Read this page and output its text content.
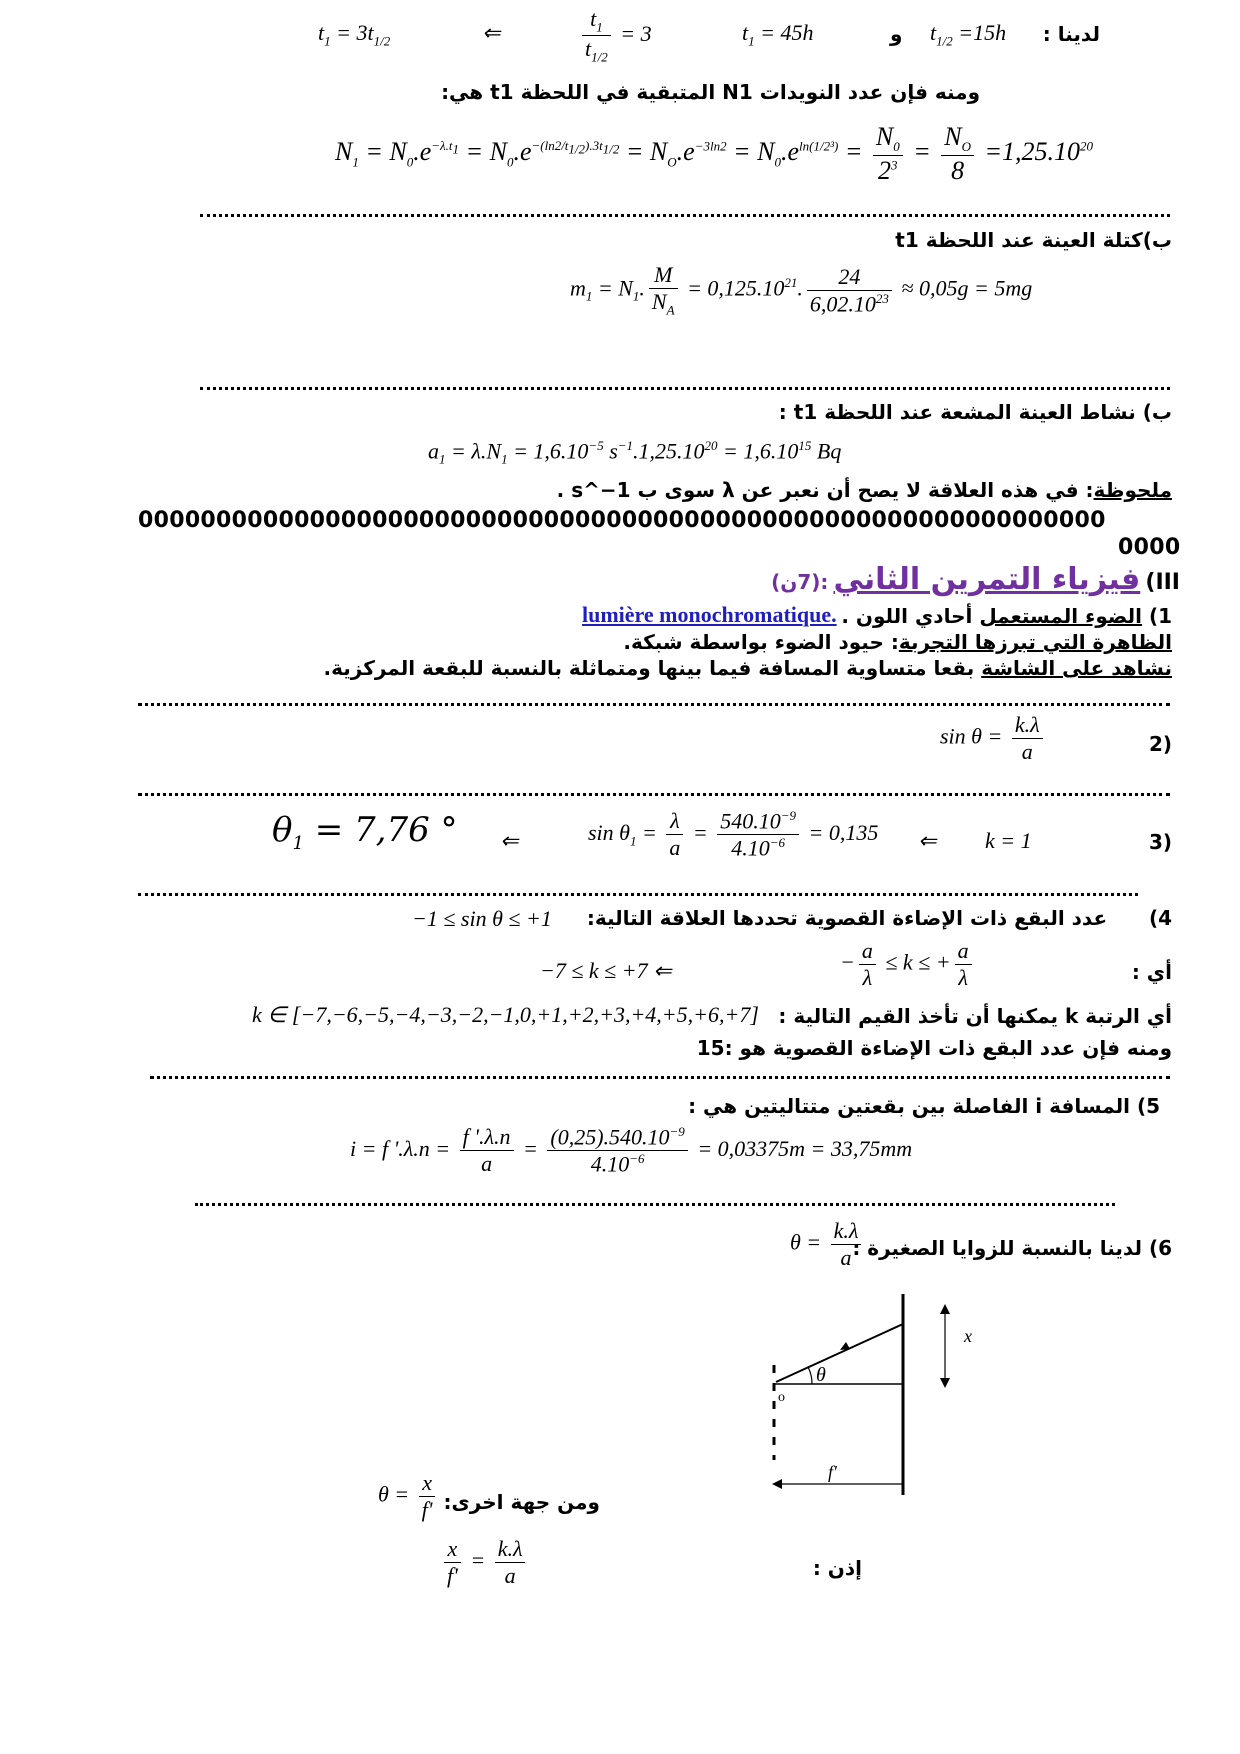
لدينا :
$t_{1/2} =15h$
و
$t_1 = 45h$
$\frac{t_1}{t_{1/2}} = 3$
⇐
$t_1 = 3t_{1/2}$
ومنه فإن عدد النويدات N1 المتبقية في اللحظة t1 هي:
$N_1 = N_0.e^{-\lambda.t_1} = N_0.e^{-(ln2/t_{1/2}).3t_{1/2}} = N_O.e^{-3ln2} = N_0.e^{ln(1/2^3)} = \frac{N_0}{2^3} = \frac{N_O}{8} =1,25.10^{20}$
ب)كتلة العينة عند اللحظة t1
$m_1 = N_1$. $\frac{M}{N_A} = 0,125.10^{21}$. $\frac{24}{6,02.10^{23}} \approx 0,05g = 5mg$
ب) نشاط العينة المشعة عند اللحظة t1 :
$a_1 = \lambda.N_1 = 1,6.10^{-5}$ $s^{-1}.1,25.10^{20} = 1,6.10^{15}$ Bq
ملحوظة: في هذه العلاقة لا يصح أن نعبر عن λ سوى ب s^−1 .
00000000000000000000000000000000000000000000000000000000000000
0000
III) فيزياء التمرين الثاني :(7ن)
1) الضوء المستعمل أحادي اللون .
lumière monochromatique.
الظاهرة التي تبرزها التجربة: حيود الضوء بواسطة شبكة.
نشاهد على الشاشة بقعا متساوية المسافة فيما بينها ومتماثلة بالنسبة للبقعة المركزية.
(2
$\sin \theta = \frac{k.\lambda}{a}$
(3
k = 1
⇐
$\sin \theta_1 = \frac{\lambda}{a} = \frac{540.10^{-9}}{4.10^{-6}} = 0,135$
⇐
$\theta_1 = 7,76$ °
4)      عدد البقع ذات الإضاءة القصوية تحددها العلاقة التالية:
−1 ≤ sin θ ≤ +1
أي :
− $\frac{a}{\lambda} \le k$ ≤ + $\frac{a}{\lambda}$
−7 ≤ k ≤ +7 ⇐
أي الرتبة k يمكنها أن تأخذ القيم التالية :
k ∈ [−7,−6,−5,−4,−3,−2,−1,0,+1,+2,+3,+4,+5,+6,+7]
ومنه فإن عدد البقع ذات الإضاءة القصوية هو :15
5) المسافة i الفاصلة بين بقعتين متتاليتين هي :
i = f '$.\lambda.n = \frac{f '.\lambda.n}{a} = \frac{(0,25).540.10^{-9}}{4.10^{-6}} = 0,03375m = 33,75mm$
6) لدينا بالنسبة للزوايا الصغيرة :
$\theta = \frac{k.\lambda}{a}$
θ
o
x
f'
ومن جهة اخرى:
$\theta = \frac{x}{f'}$
إذن :
$\frac{x}{f'} = \frac{k.\lambda}{a}$
